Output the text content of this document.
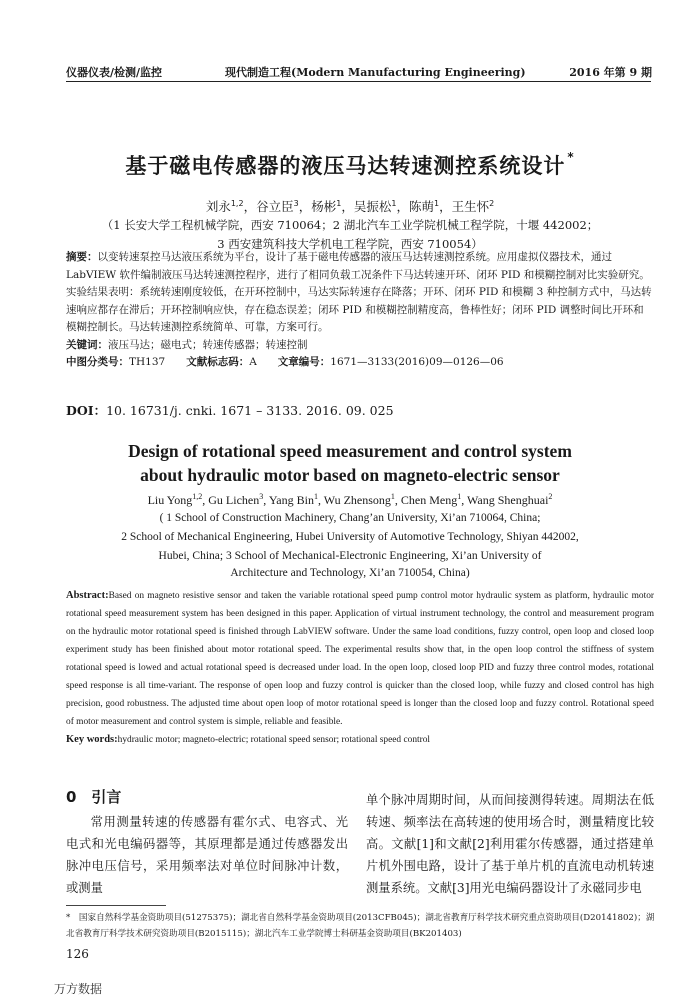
仪器仪表/检测/监控	现代制造工程(Modern Manufacturing Engineering)	2016 年第 9 期
基于磁电传感器的液压马达转速测控系统设计 *
刘永$^{1,2}$，谷立臣$^3$，杨彬$^1$，吴振松$^1$，陈萌$^1$，王生怀$^2$
（1 长安大学工程机械学院，西安 710064；2 湖北汽车工业学院机械工程学院，十堰 442002；
3 西安建筑科技大学机电工程学院，西安 710054）
摘要：以变转速泵控马达液压系统为平台，设计了基于磁电传感器的液压马达转速测控系统。应用虚拟仪器技术，通过LabVIEW 软件编制液压马达转速测控程序，进行了相同负载工况条件下马达转速开环、闭环 PID 和模糊控制对比实验研究。实验结果表明：系统转速刚度较低，在开环控制中，马达实际转速存在降落；开环、闭环 PID 和模糊 3 种控制方式中，马达转速响应都存在滞后；开环控制响应快，存在稳态误差；闭环 PID 和模糊控制精度高，鲁棒性好；闭环 PID 调整时间比开环和模糊控制长。马达转速测控系统简单、可靠，方案可行。
关键词：液压马达；磁电式；转速传感器；转速控制
中图分类号：TH137　　 文献标志码：A　　 文章编号：1671—3133(2016)09—0126—06
DOI：10. 16731/j. cnki. 1671 – 3133. 2016. 09. 025
Design of rotational speed measurement and control system
about hydraulic motor based on magneto-electric sensor
Liu Yong$^{1,2}$, Gu Lichen$^3$, Yang Bin$^1$, Wu Zhensong$^1$, Chen Meng$^1$, Wang Shenghuai$^2$
( 1 School of Construction Machinery, Chang’an University, Xi’an 710064, China;
2 School of Mechanical Engineering, Hubei University of Automotive Technology, Shiyan 442002,
Hubei, China; 3 School of Mechanical-Electronic Engineering, Xi’an University of
Architecture and Technology, Xi’an 710054, China)
Abstract:Based on magneto resistive sensor and taken the variable rotational speed pump control motor hydraulic system as platform, hydraulic motor rotational speed measurement system has been designed in this paper. Application of virtual instrument technology, the control and measurement program on the hydraulic motor rotational speed is finished through LabVIEW software. Under the same load conditions, fuzzy control, open loop and closed loop experiment study has been finished about motor rotational speed. The experimental results show that, in the open loop control the stiffness of system rotational speed is lowed and actual rotational speed is decreased under load. In the open loop, closed loop PID and fuzzy three control modes, rotational speed response is all time-variant. The response of open loop and fuzzy control is quicker than the closed loop, while fuzzy and closed control has high precision, good robustness. The adjusted time about open loop of motor rotational speed is longer than the closed loop and fuzzy control. Rotational speed of motor measurement and control system is simple, reliable and feasible.
Key words:hydraulic motor; magneto-electric; rotational speed sensor; rotational speed control
0　引言
常用测量转速的传感器有霍尔式、电容式、光电式和光电编码器等，其原理都是通过传感器发出脉冲电压信号，采用频率法对单位时间脉冲计数，或测量
单个脉冲周期时间，从而间接测得转速。周期法在低转速、频率法在高转速的使用场合时，测量精度比较高。文献[1]和文献[2]利用霍尔传感器，通过搭建单片机外围电路，设计了基于单片机的直流电动机转速测量系统。文献[3]用光电编码器设计了永磁同步电
*　 国家自然科学基金资助项目(51275375)；湖北省自然科学基金资助项目(2013CFB045)；湖北省教育厅科学技术研究重点资助项目(D20141802)；湖北省教育厅科学技术研究资助项目(B2015115)；湖北汽车工业学院博士科研基金资助项目(BK201403)
126
万方数据
